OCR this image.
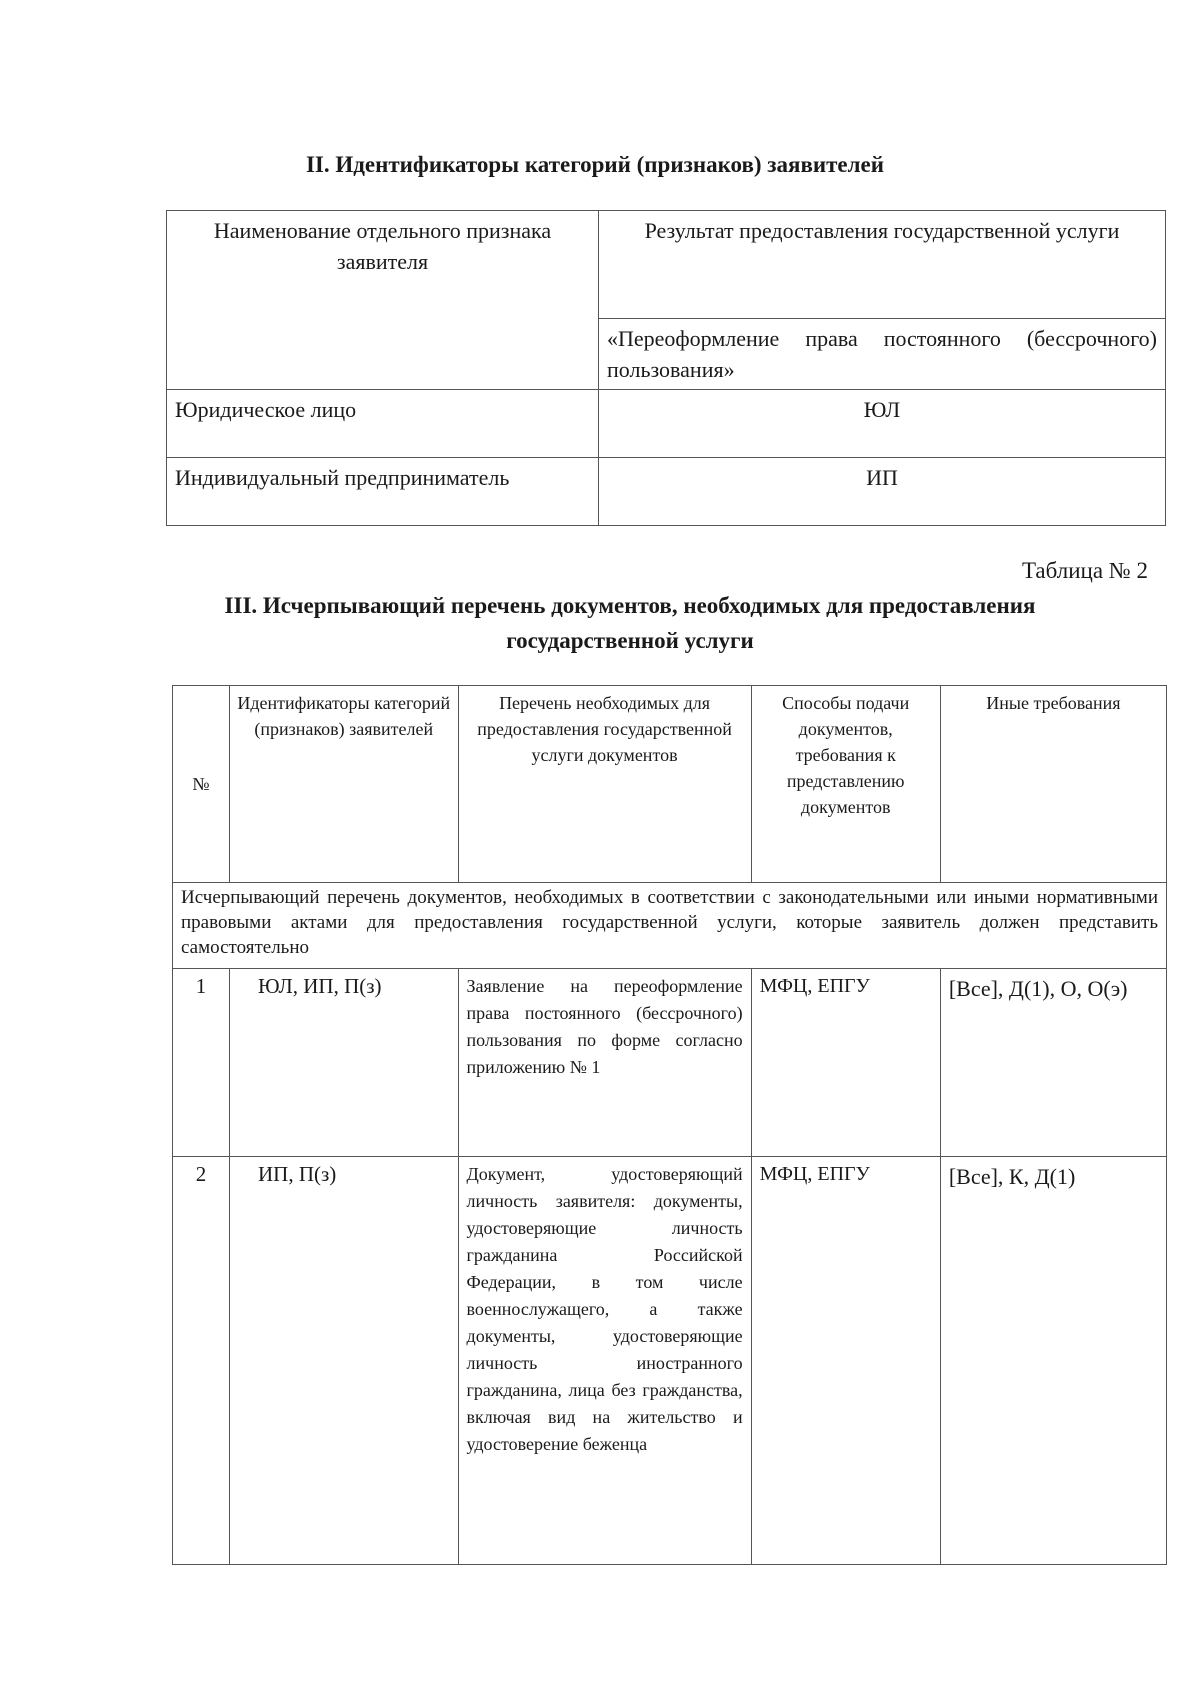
II. Идентификаторы категорий (признаков) заявителей
Наименование отдельного признака заявителя	Результат предоставления государственной услуги
	«Переоформление права постоянного (бессрочного) пользования»
Юридическое лицо	ЮЛ
Индивидуальный предприниматель	ИП
Таблица № 2
III. Исчерпывающий перечень документов, необходимых для предоставления государственной услуги
№	Идентификаторы категорий (признаков) заявителей	Перечень необходимых для предоставления государственной услуги документов	Способы подачи документов, требования к представлению документов	Иные требования
Исчерпывающий перечень документов, необходимых в соответствии с законодательными или иными нормативными правовыми актами для предоставления государственной услуги, которые заявитель должен представить самостоятельно				
1	ЮЛ, ИП, П(з)	Заявление на переоформление права постоянного (бессрочного) пользования по форме согласно приложению № 1	МФЦ, ЕПГУ	[Все], Д(1), О, О(э)
2	ИП, П(з)	Документ, удостоверяющий личность заявителя: документы, удостоверяющие личность гражданина Российской Федерации, в том числе военнослужащего, а также документы, удостоверяющие личность иностранного гражданина, лица без гражданства, включая вид на жительство и удостоверение беженца	МФЦ, ЕПГУ	[Все], К, Д(1)
